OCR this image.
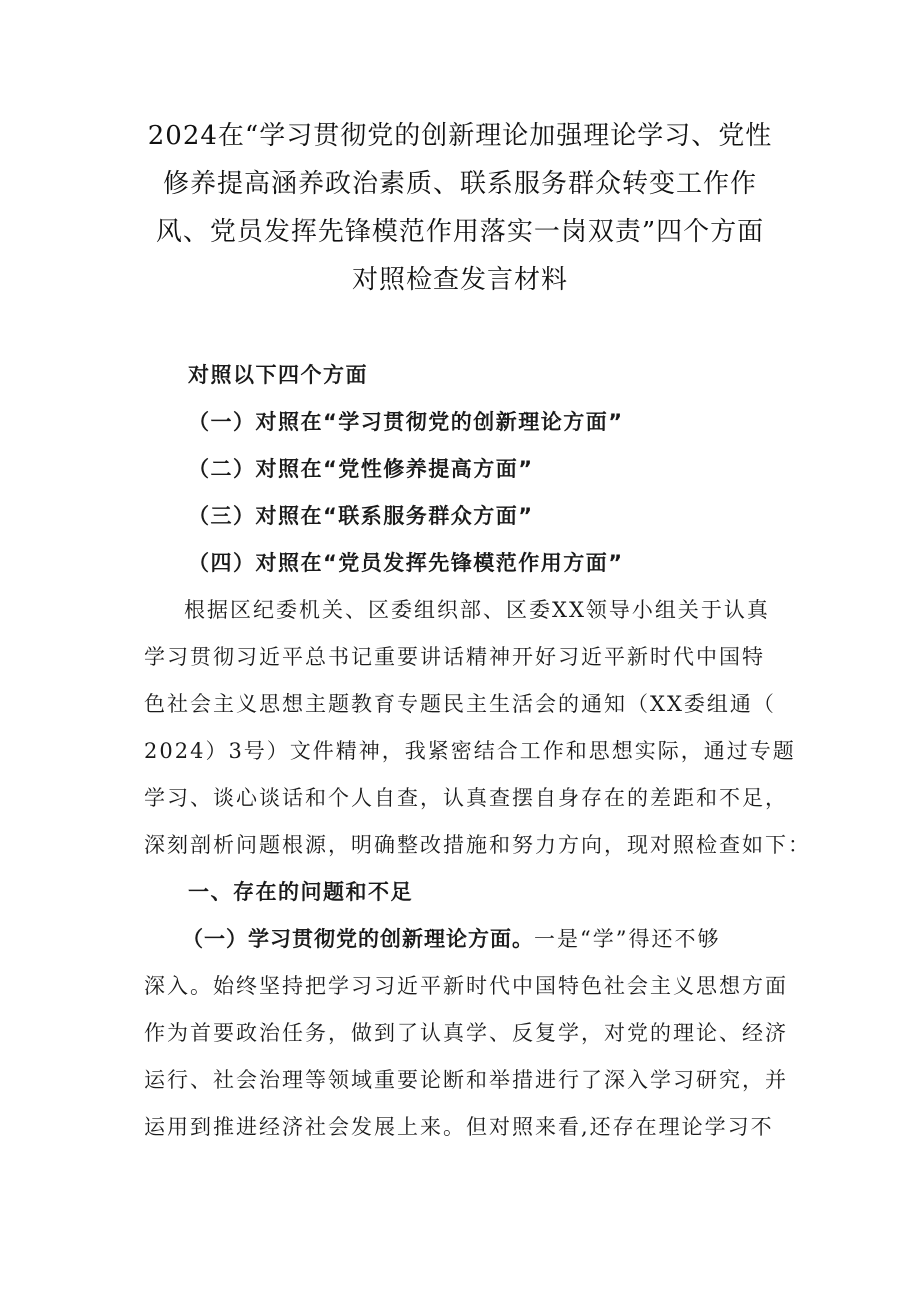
2024在“学习贯彻党的创新理论加强理论学习、党性
修养提高涵养政治素质、联系服务群众转变工作作
风、党员发挥先锋模范作用落实一岗双责”四个方面
对照检查发言材料
对照以下四个方面
（一）对照在“学习贯彻党的创新理论方面”
（二）对照在“党性修养提高方面”
（三）对照在“联系服务群众方面”
（四）对照在“党员发挥先锋模范作用方面”
根据区纪委机关、区委组织部、区委XX领导小组关于认真
学习贯彻习近平总书记重要讲话精神开好习近平新时代中国特
色社会主义思想主题教育专题民主生活会的通知（XX委组通（
2024）3号）文件精神，我紧密结合工作和思想实际，通过专题
学习、谈心谈话和个人自查，认真查摆自身存在的差距和不足，
深刻剖析问题根源，明确整改措施和努力方向，现对照检查如下：
一、存在的问题和不足
（一）学习贯彻党的创新理论方面。一是“学”得还不够
深入。始终坚持把学习习近平新时代中国特色社会主义思想方面
作为首要政治任务，做到了认真学、反复学，对党的理论、经济
运行、社会治理等领域重要论断和举措进行了深入学习研究，并
运用到推进经济社会发展上来。但对照来看,还存在理论学习不
